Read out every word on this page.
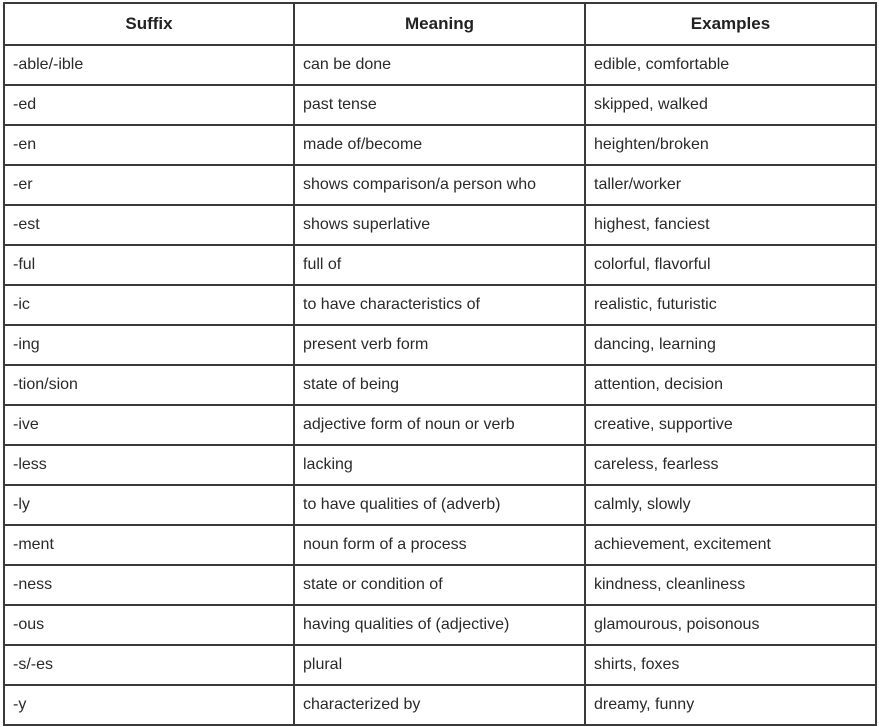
Suffix	Meaning	Examples
-able/-ible	can be done	edible, comfortable
-ed	past tense	skipped, walked
-en	made of/become	heighten/broken
-er	shows comparison/a person who	taller/worker
-est	shows superlative	highest, fanciest
-ful	full of	colorful, flavorful
-ic	to have characteristics of	realistic, futuristic
-ing	present verb form	dancing, learning
-tion/sion	state of being	attention, decision
-ive	adjective form of noun or verb	creative, supportive
-less	lacking	careless, fearless
-ly	to have qualities of (adverb)	calmly, slowly
-ment	noun form of a process	achievement, excitement
-ness	state or condition of	kindness, cleanliness
-ous	having qualities of (adjective)	glamourous, poisonous
-s/-es	plural	shirts, foxes
-y	characterized by	dreamy, funny
